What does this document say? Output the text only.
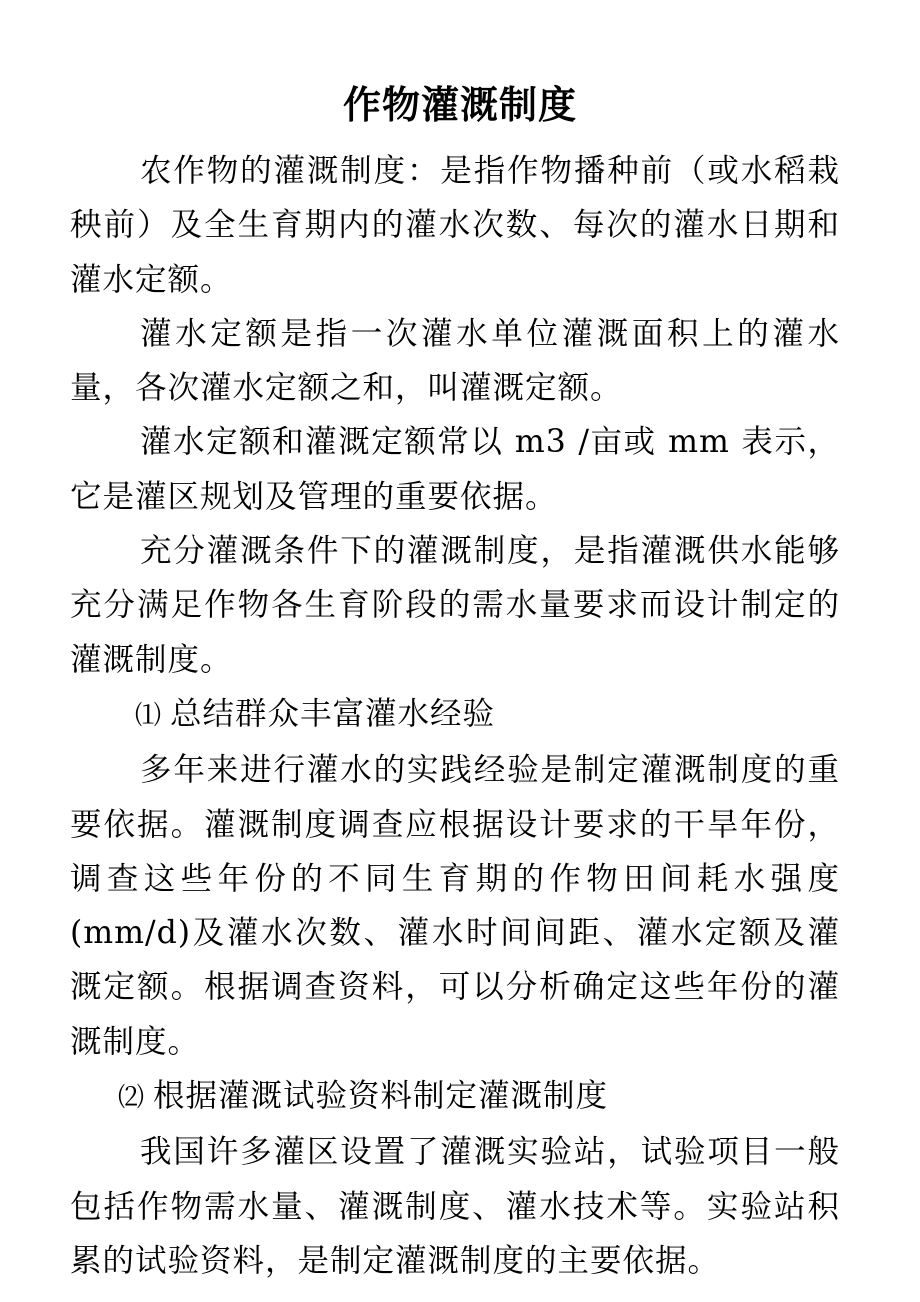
作物灌溉制度

农作物的灌溉制度：是指作物播种前（或水稻栽秧前）及全生育期内的灌水次数、每次的灌水日期和灌水定额。

灌水定额是指一次灌水单位灌溉面积上的灌水量，各次灌水定额之和，叫灌溉定额。

灌水定额和灌溉定额常以 m3 /亩或 mm 表示，它是灌区规划及管理的重要依据。

充分灌溉条件下的灌溉制度，是指灌溉供水能够充分满足作物各生育阶段的需水量要求而设计制定的灌溉制度。

⑴ 总结群众丰富灌水经验

多年来进行灌水的实践经验是制定灌溉制度的重要依据。灌溉制度调查应根据设计要求的干旱年份，调查这些年份的不同生育期的作物田间耗水强度(mm/d)及灌水次数、灌水时间间距、灌水定额及灌溉定额。根据调查资料，可以分析确定这些年份的灌溉制度。

⑵ 根据灌溉试验资料制定灌溉制度

我国许多灌区设置了灌溉实验站，试验项目一般包括作物需水量、灌溉制度、灌水技术等。实验站积累的试验资料，是制定灌溉制度的主要依据。
